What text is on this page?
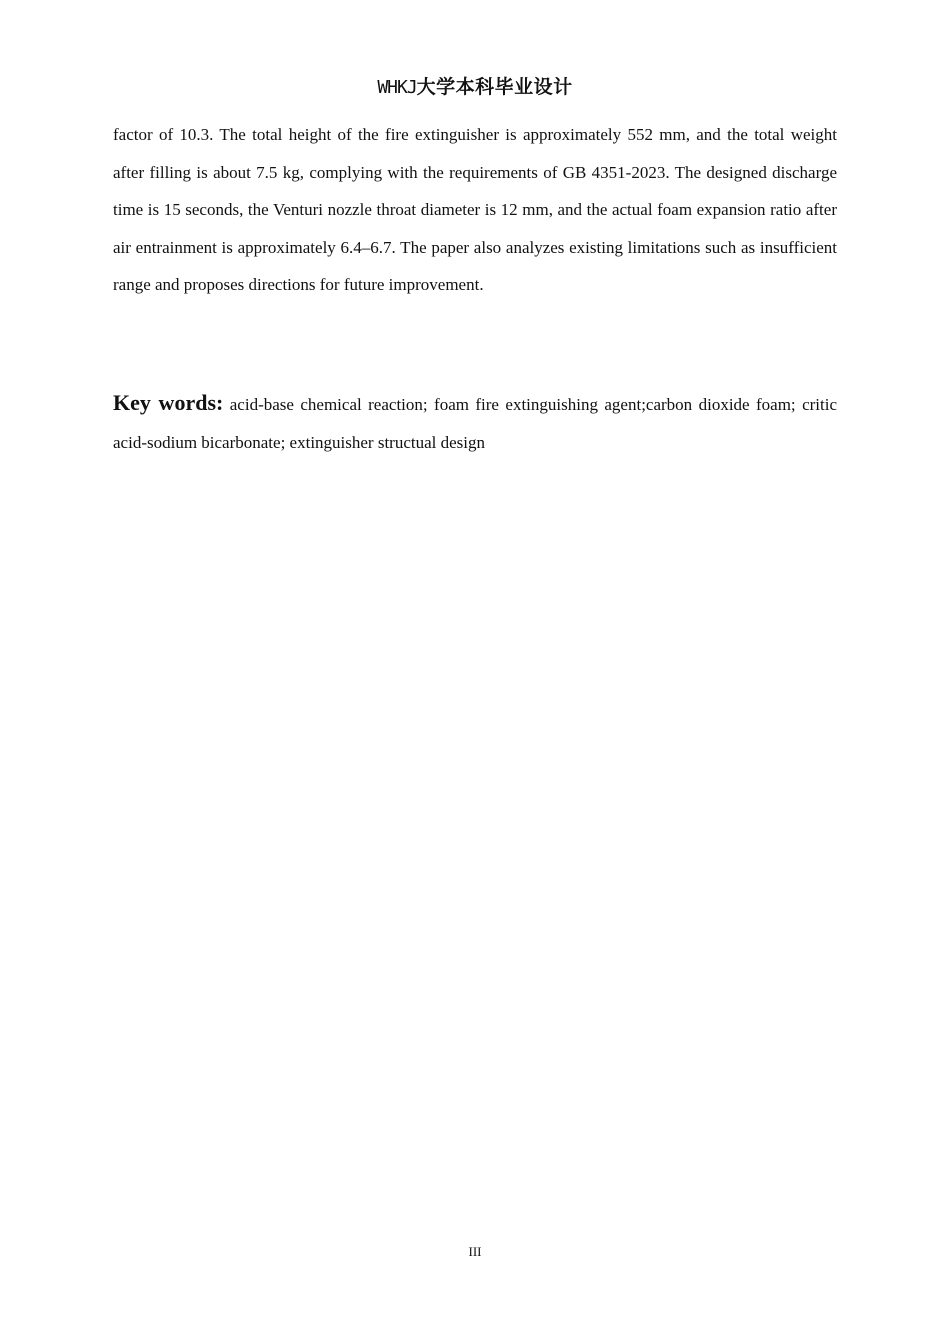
WHKJ大学本科毕业设计

factor of 10.3. The total height of the fire extinguisher is approximately 552 mm, and the total weight after filling is about 7.5 kg, complying with the requirements of GB 4351-2023. The designed discharge time is 15 seconds, the Venturi nozzle throat diameter is 12 mm, and the actual foam expansion ratio after air entrainment is approximately 6.4–6.7. The paper also analyzes existing limitations such as insufficient range and proposes directions for future improvement.

Key words: acid-base chemical reaction; foam fire extinguishing agent;carbon dioxide foam; critic acid-sodium bicarbonate; extinguisher structual design

III
